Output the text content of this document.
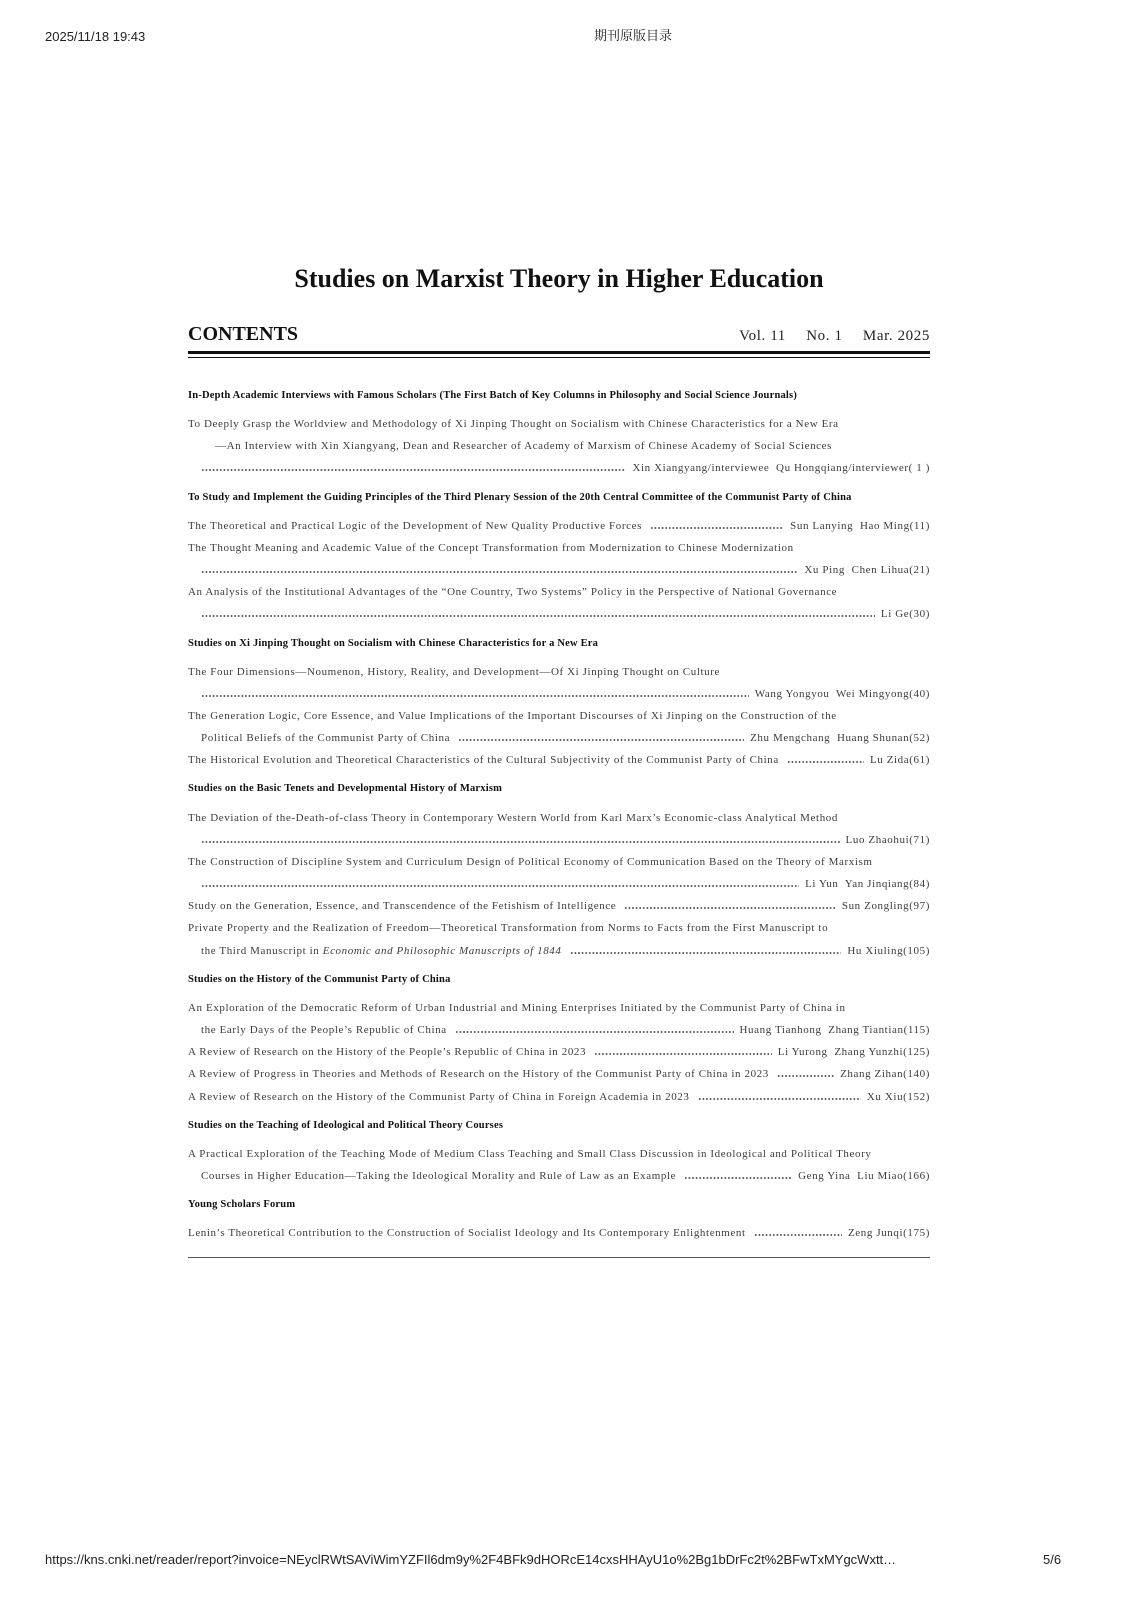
2025/11/18 19:43	期刊原版目录
Studies on Marxist Theory in Higher Education
CONTENTS	Vol. 11 No. 1 Mar. 2025
In-Depth Academic Interviews with Famous Scholars (The First Batch of Key Columns in Philosophy and Social Science Journals)
To Deeply Grasp the Worldview and Methodology of Xi Jinping Thought on Socialism with Chinese Characteristics for a New Era
—An Interview with Xin Xiangyang, Dean and Researcher of Academy of Marxism of Chinese Academy of Social Sciences
Xin Xiangyang/interviewee  Qu Hongqiang/interviewer( 1 )
To Study and Implement the Guiding Principles of the Third Plenary Session of the 20th Central Committee of the Communist Party of China
The Theoretical and Practical Logic of the Development of New Quality Productive Forces	Sun Lanying  Hao Ming(11)
The Thought Meaning and Academic Value of the Concept Transformation from Modernization to Chinese Modernization
Xu Ping  Chen Lihua(21)
An Analysis of the Institutional Advantages of the “One Country, Two Systems” Policy in the Perspective of National Governance
Li Ge(30)
Studies on Xi Jinping Thought on Socialism with Chinese Characteristics for a New Era
The Four Dimensions—Noumenon, History, Reality, and Development—Of Xi Jinping Thought on Culture
Wang Yongyou  Wei Mingyong(40)
The Generation Logic, Core Essence, and Value Implications of the Important Discourses of Xi Jinping on the Construction of the
Political Beliefs of the Communist Party of China	Zhu Mengchang  Huang Shunan(52)
The Historical Evolution and Theoretical Characteristics of the Cultural Subjectivity of the Communist Party of China	Lu Zida(61)
Studies on the Basic Tenets and Developmental History of Marxism
The Deviation of the-Death-of-class Theory in Contemporary Western World from Karl Marx’s Economic-class Analytical Method
Luo Zhaohui(71)
The Construction of Discipline System and Curriculum Design of Political Economy of Communication Based on the Theory of Marxism
Li Yun  Yan Jinqiang(84)
Study on the Generation, Essence, and Transcendence of the Fetishism of Intelligence	Sun Zongling(97)
Private Property and the Realization of Freedom—Theoretical Transformation from Norms to Facts from the First Manuscript to
the Third Manuscript in Economic and Philosophic Manuscripts of 1844	Hu Xiuling(105)
Studies on the History of the Communist Party of China
An Exploration of the Democratic Reform of Urban Industrial and Mining Enterprises Initiated by the Communist Party of China in
the Early Days of the People’s Republic of China	Huang Tianhong  Zhang Tiantian(115)
A Review of Research on the History of the People’s Republic of China in 2023	Li Yurong  Zhang Yunzhi(125)
A Review of Progress in Theories and Methods of Research on the History of the Communist Party of China in 2023	Zhang Zihan(140)
A Review of Research on the History of the Communist Party of China in Foreign Academia in 2023	Xu Xiu(152)
Studies on the Teaching of Ideological and Political Theory Courses
A Practical Exploration of the Teaching Mode of Medium Class Teaching and Small Class Discussion in Ideological and Political Theory
Courses in Higher Education—Taking the Ideological Morality and Rule of Law as an Example	Geng Yina  Liu Miao(166)
Young Scholars Forum
Lenin’s Theoretical Contribution to the Construction of Socialist Ideology and Its Contemporary Enlightenment	Zeng Junqi(175)
https://kns.cnki.net/reader/report?invoice=NEyclRWtSAViWimYZFIl6dm9y%2F4BFk9dHORcE14cxsHHAyU1o%2Bg1bDrFc2t%2BFwTxMYgcWxtt…	5/6
